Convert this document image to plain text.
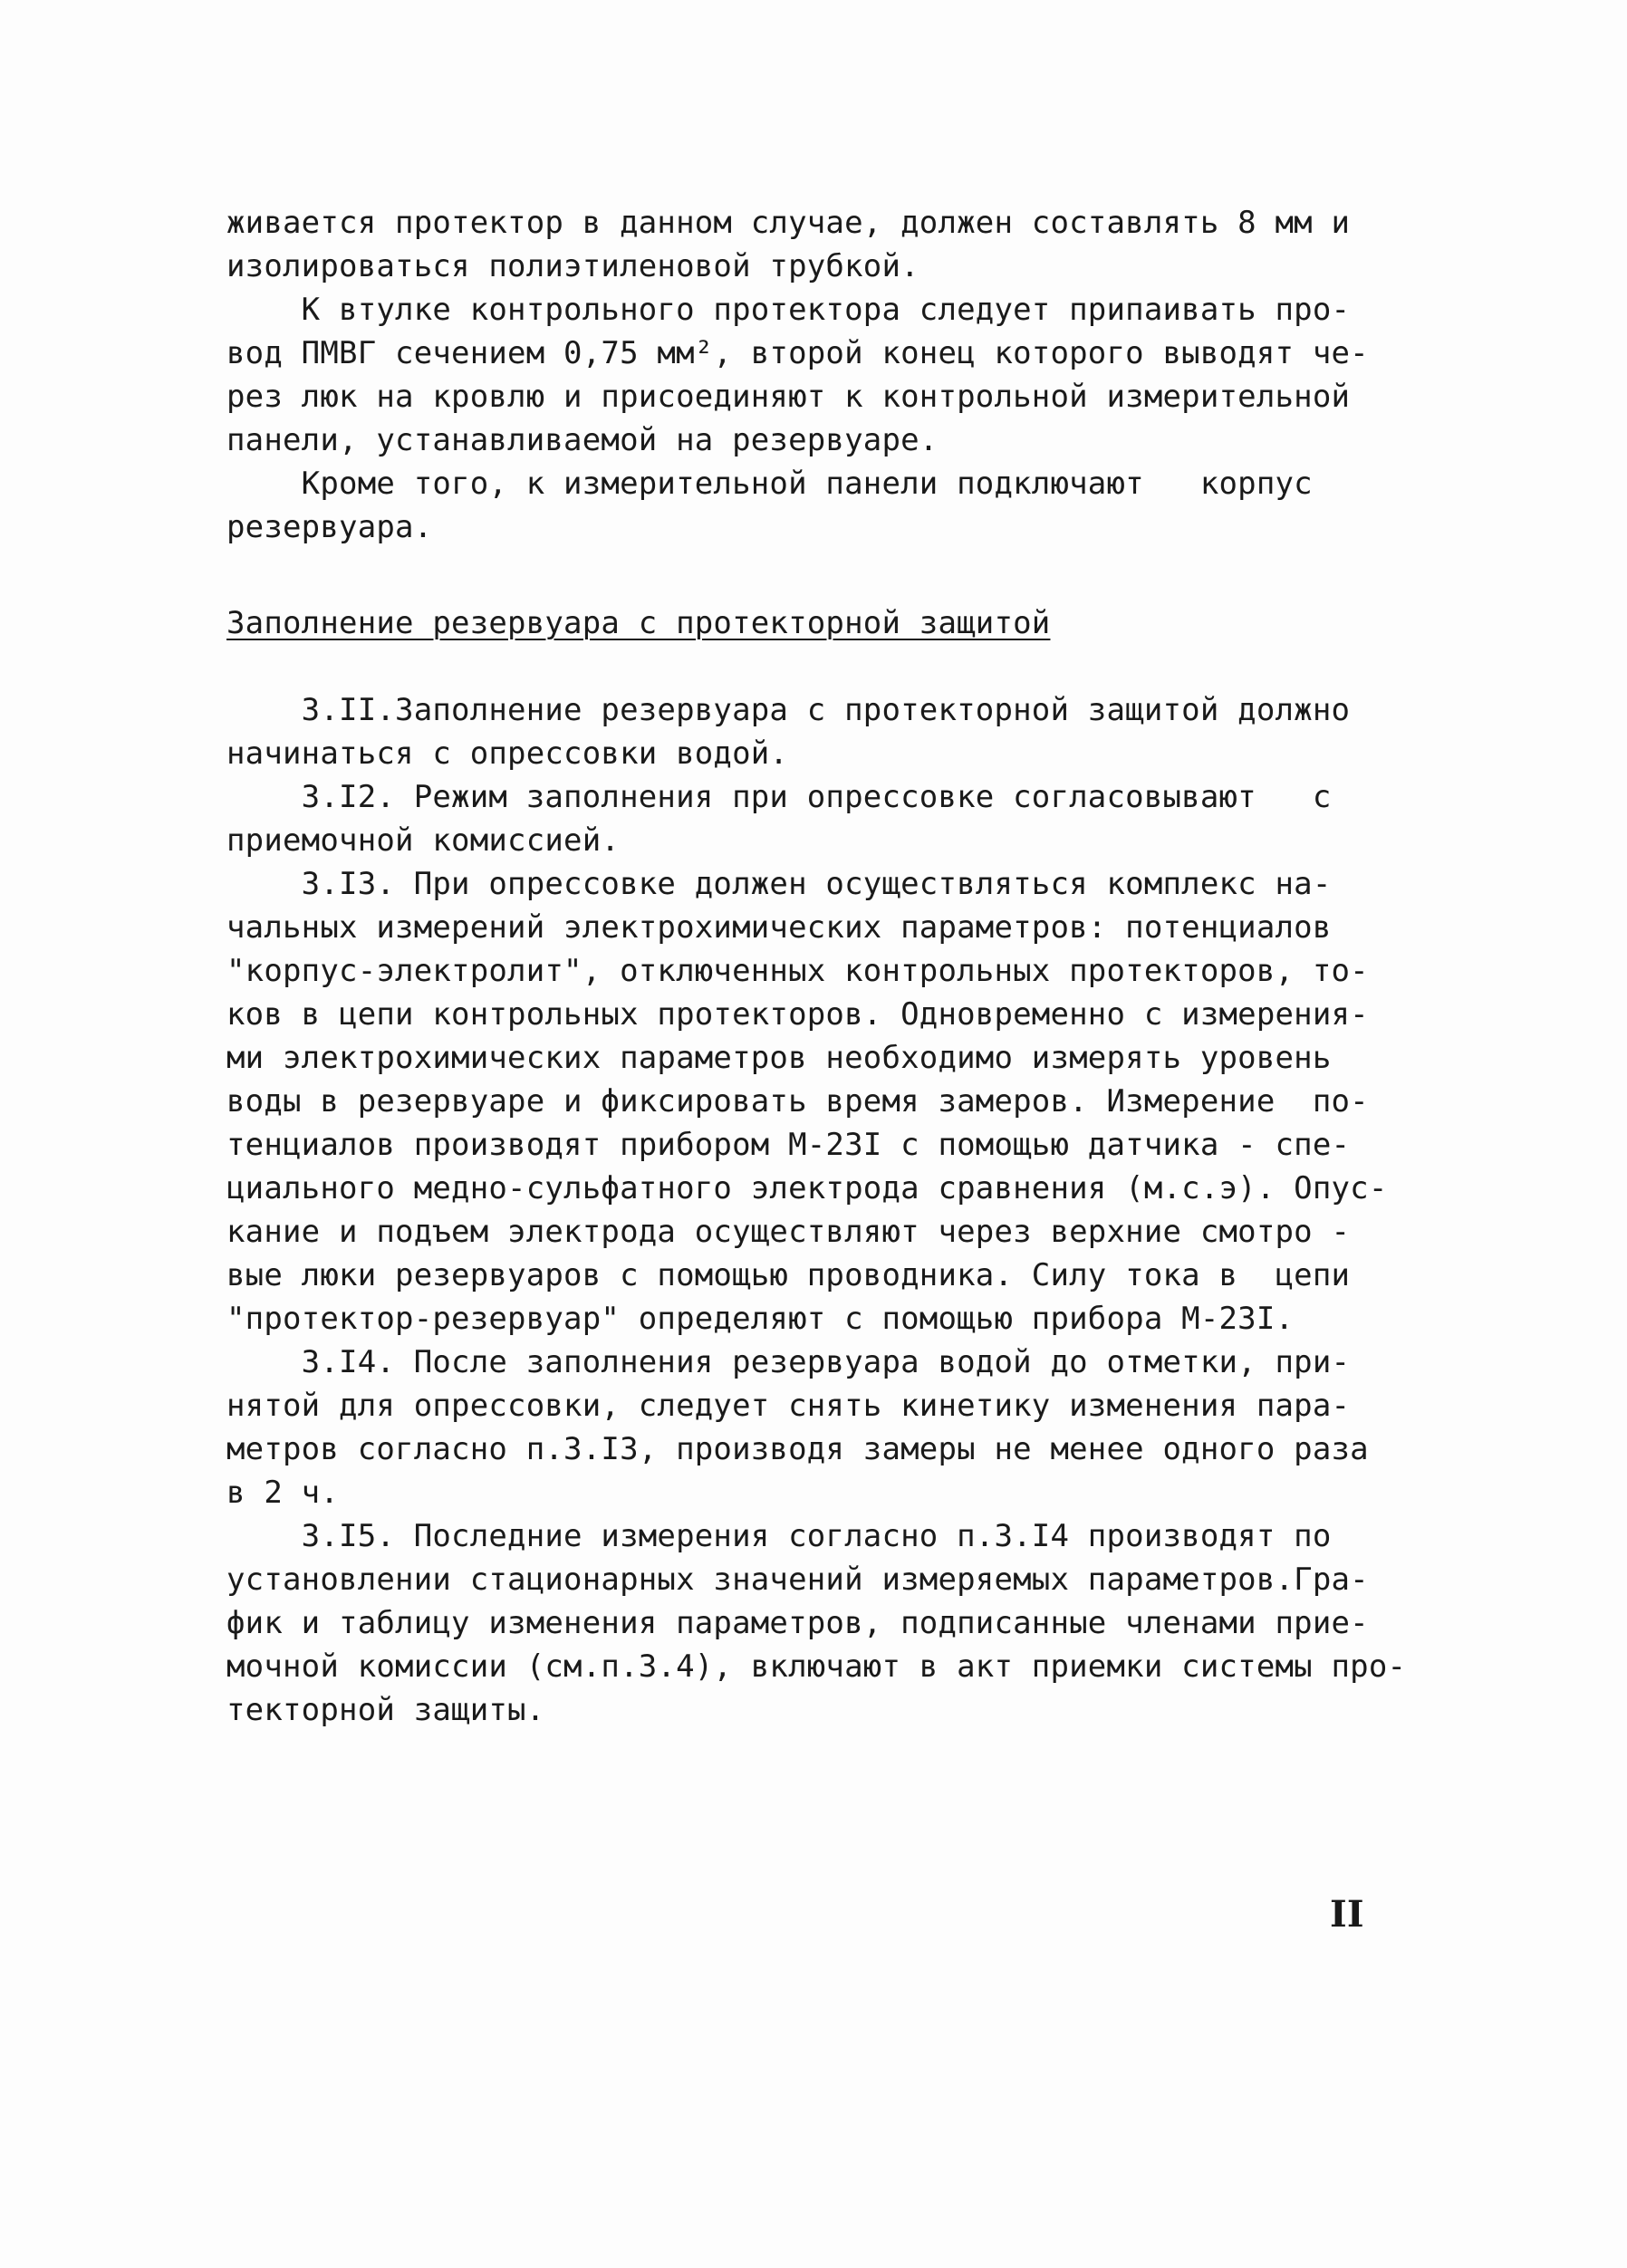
живается протектор в данном случае, должен составлять 8 мм и
изолироваться полиэтиленовой трубкой.
К втулке контрольного протектора следует припаивать про-
вод ПМВГ сечением 0,75 мм², второй конец которого выводят че-
рез люк на кровлю и присоединяют к контрольной измерительной
панели, устанавливаемой на резервуаре.
Кроме того, к измерительной панели подключают   корпус
резервуара.
Заполнение резервуара с протекторной защитой
3.II.Заполнение резервуара с протекторной защитой должно
начинаться с опрессовки водой.
3.I2. Режим заполнения при опрессовке согласовывают   с
приемочной комиссией.
3.I3. При опрессовке должен осуществляться комплекс на-
чальных измерений электрохимических параметров: потенциалов
"корпус-электролит", отключенных контрольных протекторов, то-
ков в цепи контрольных протекторов. Одновременно с измерения-
ми электрохимических параметров необходимо измерять уровень
воды в резервуаре и фиксировать время замеров. Измерение  по-
тенциалов производят прибором М-23I с помощью датчика - спе-
циального медно-сульфатного электрода сравнения (м.с.э). Опус-
кание и подъем электрода осуществляют через верхние смотро -
вые люки резервуаров с помощью проводника. Силу тока в  цепи
"протектор-резервуар" определяют с помощью прибора М-23I.
3.I4. После заполнения резервуара водой до отметки, при-
нятой для опрессовки, следует снять кинетику изменения пара-
метров согласно п.3.I3, производя замеры не менее одного раза
в 2 ч.
3.I5. Последние измерения согласно п.3.I4 производят по
установлении стационарных значений измеряемых параметров.Гра-
фик и таблицу изменения параметров, подписанные членами прие-
мочной комиссии (см.п.3.4), включают в акт приемки системы про-
текторной защиты.
II
